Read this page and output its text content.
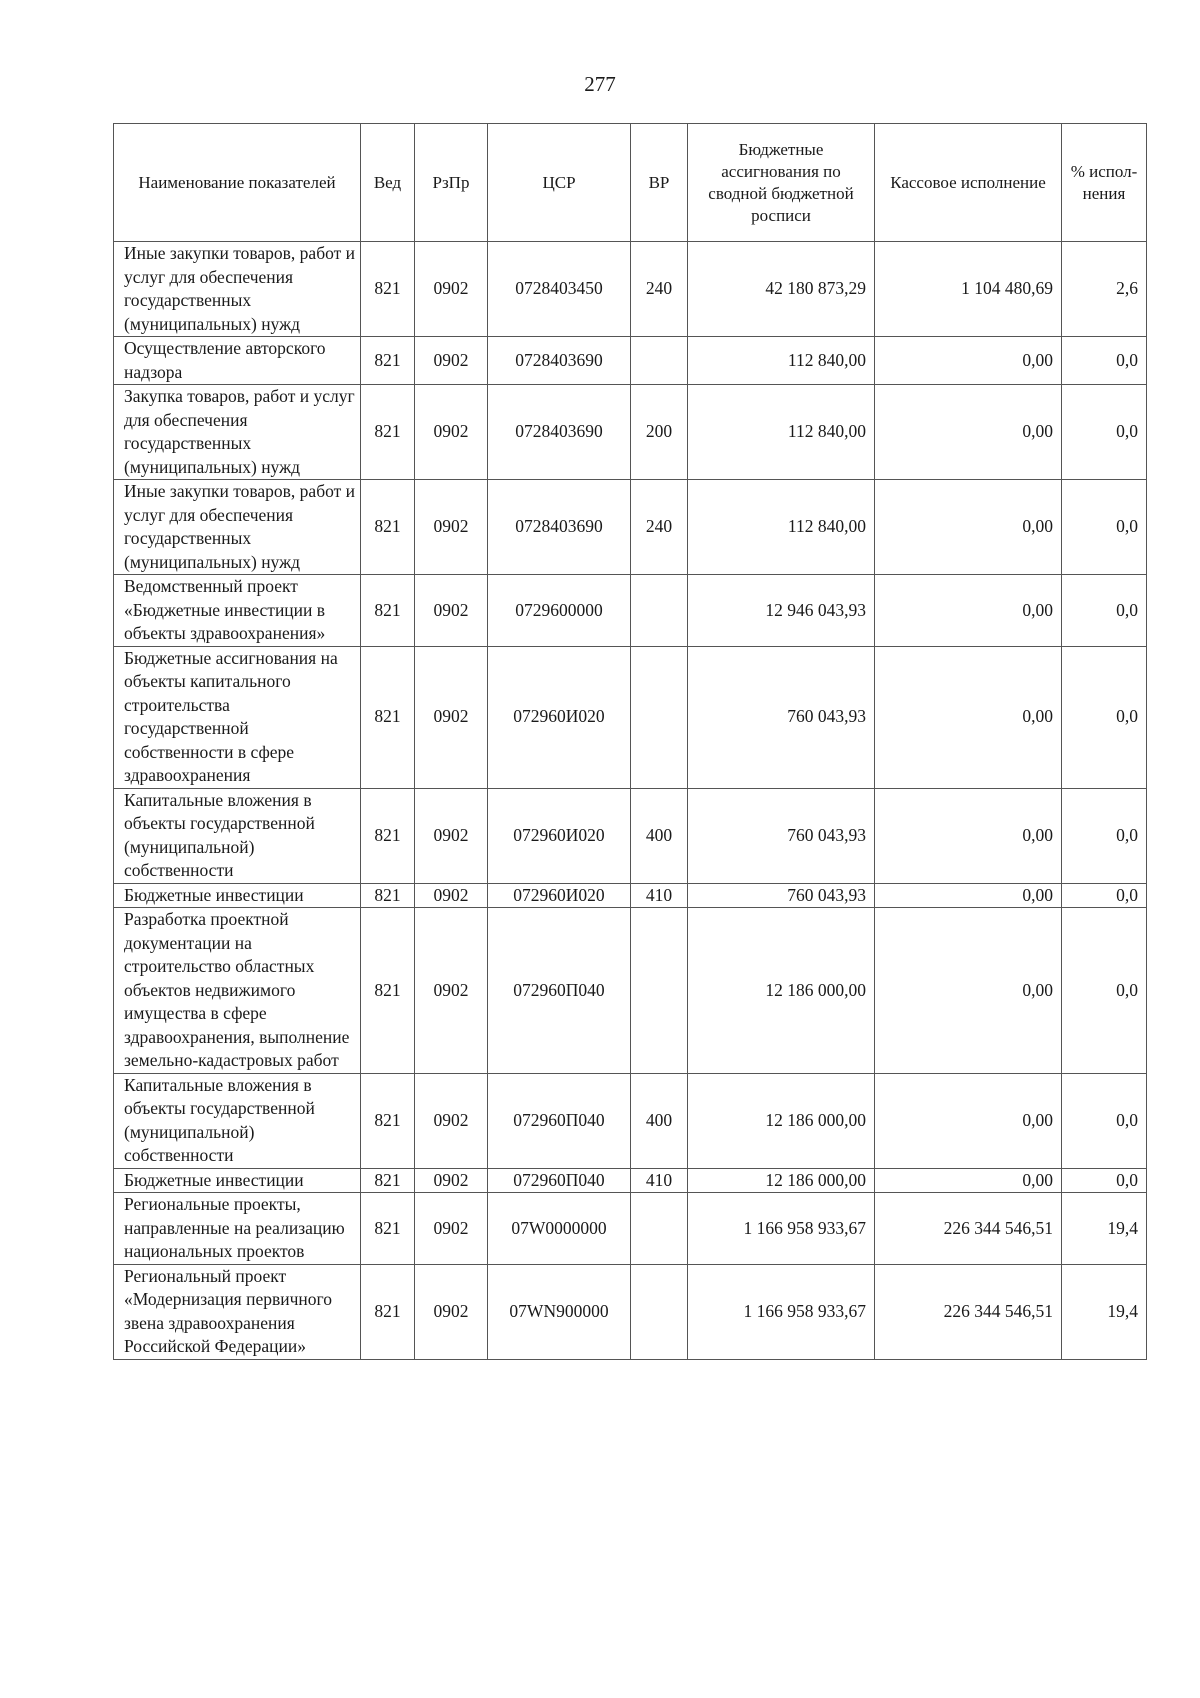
277
Наименование показателей	Вед	РзПр	ЦСР	ВР	Бюджетные ассигнования по сводной бюджетной росписи	Кассовое исполнение	% испол-нения
Иные закупки товаров, работ и услуг для обеспечения государственных (муниципальных) нужд	821	0902	0728403450	240	42 180 873,29	1 104 480,69	2,6
Осуществление авторского надзора	821	0902	0728403690		112 840,00	0,00	0,0
Закупка товаров, работ и услуг для обеспечения государственных (муниципальных) нужд	821	0902	0728403690	200	112 840,00	0,00	0,0
Иные закупки товаров, работ и услуг для обеспечения государственных (муниципальных) нужд	821	0902	0728403690	240	112 840,00	0,00	0,0
Ведомственный проект «Бюджетные инвестиции в объекты здравоохранения»	821	0902	0729600000		12 946 043,93	0,00	0,0
Бюджетные ассигнования на объекты капитального строительства государственной собственности в сфере здравоохранения	821	0902	072960И020		760 043,93	0,00	0,0
Капитальные вложения в объекты государственной (муниципальной) собственности	821	0902	072960И020	400	760 043,93	0,00	0,0
Бюджетные инвестиции	821	0902	072960И020	410	760 043,93	0,00	0,0
Разработка проектной документации на строительство областных объектов недвижимого имущества в сфере здравоохранения, выполнение земельно-кадастровых работ	821	0902	072960П040		12 186 000,00	0,00	0,0
Капитальные вложения в объекты государственной (муниципальной) собственности	821	0902	072960П040	400	12 186 000,00	0,00	0,0
Бюджетные инвестиции	821	0902	072960П040	410	12 186 000,00	0,00	0,0
Региональные проекты, направленные на реализацию национальных проектов	821	0902	07W0000000		1 166 958 933,67	226 344 546,51	19,4
Региональный проект «Модернизация первичного звена здравоохранения Российской Федерации»	821	0902	07WN900000		1 166 958 933,67	226 344 546,51	19,4
